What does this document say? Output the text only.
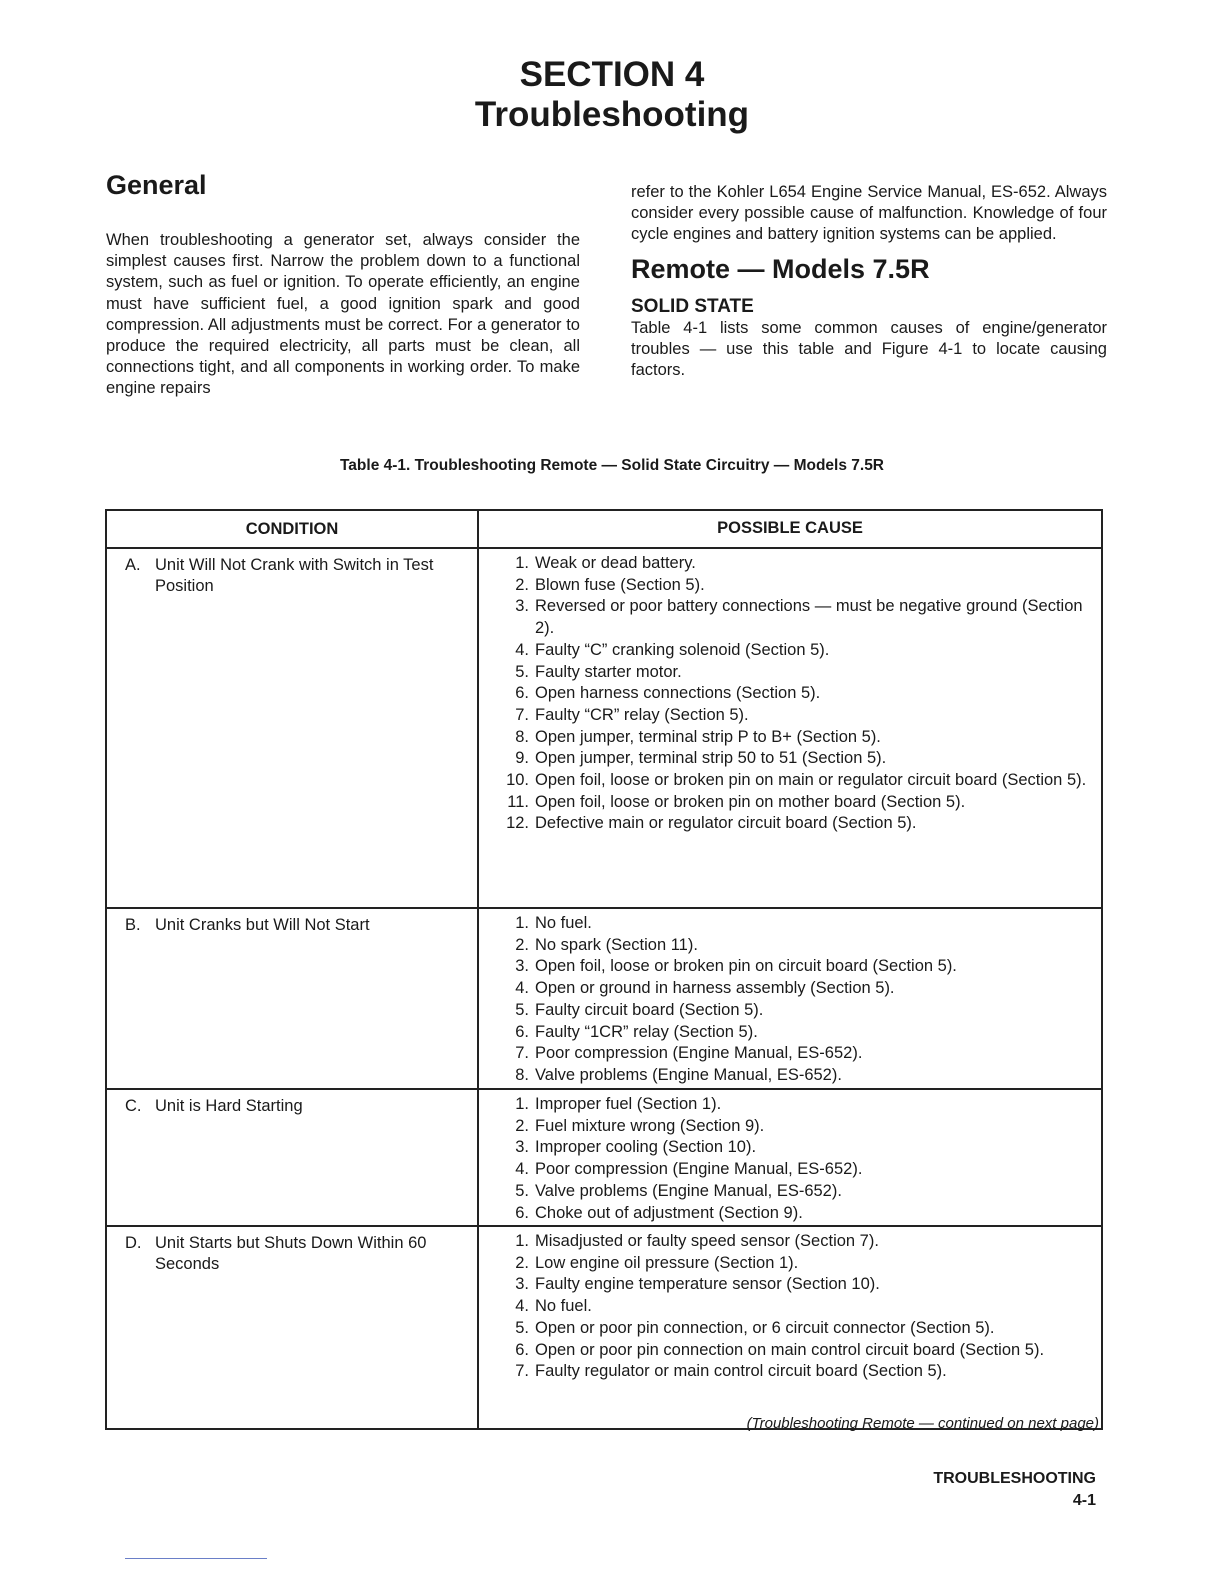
SECTION 4
Troubleshooting
General

When troubleshooting a generator set, always consider the simplest causes first. Narrow the problem down to a functional system, such as fuel or ignition. To operate efficiently, an engine must have sufficient fuel, a good ignition spark and good compression. All adjustments must be correct. For a generator to produce the required electricity, all parts must be clean, all connections tight, and all components in working order. To make engine repairs

refer to the Kohler L654 Engine Service Manual, ES-652. Always consider every possible cause of malfunction. Knowledge of four cycle engines and battery ignition systems can be applied.

Remote — Models 7.5R
SOLID STATE

Table 4-1 lists some common causes of engine/generator troubles — use this table and Figure 4-1 to locate causing factors.

Table 4-1. Troubleshooting Remote — Solid State Circuitry — Models 7.5R
CONDITION	POSSIBLE CAUSE
A. Unit Will Not Crank with Switch in Test Position
1. Weak or dead battery.
2. Blown fuse (Section 5).
3. Reversed or poor battery connections — must be negative ground (Section 2).
4. Faulty “C” cranking solenoid (Section 5).
5. Faulty starter motor.
6. Open harness connections (Section 5).
7. Faulty “CR” relay (Section 5).
8. Open jumper, terminal strip P to B+ (Section 5).
9. Open jumper, terminal strip 50 to 51 (Section 5).
10. Open foil, loose or broken pin on main or regulator circuit board (Section 5).
11. Open foil, loose or broken pin on mother board (Section 5).
12. Defective main or regulator circuit board (Section 5).
B. Unit Cranks but Will Not Start	1. No fuel.
2. No spark (Section 11).
3. Open foil, loose or broken pin on circuit board (Section 5).
4. Open or ground in harness assembly (Section 5).
5. Faulty circuit board (Section 5).
6. Faulty “1CR” relay (Section 5).
7. Poor compression (Engine Manual, ES-652).
8. Valve problems (Engine Manual, ES-652).
C. Unit is Hard Starting	1. Improper fuel (Section 1).
2. Fuel mixture wrong (Section 9).
3. Improper cooling (Section 10).
4. Poor compression (Engine Manual, ES-652).
5. Valve problems (Engine Manual, ES-652).
6. Choke out of adjustment (Section 9).
D. Unit Starts but Shuts Down Within 60 Seconds
1. Misadjusted or faulty speed sensor (Section 7).
2. Low engine oil pressure (Section 1).
3. Faulty engine temperature sensor (Section 10).
4. No fuel.
5. Open or poor pin connection, or 6 circuit connector (Section 5).
6. Open or poor pin connection on main control circuit board (Section 5).
7. Faulty regulator or main control circuit board (Section 5).
(Troubleshooting Remote — continued on next page)
TROUBLESHOOTING
4-1
